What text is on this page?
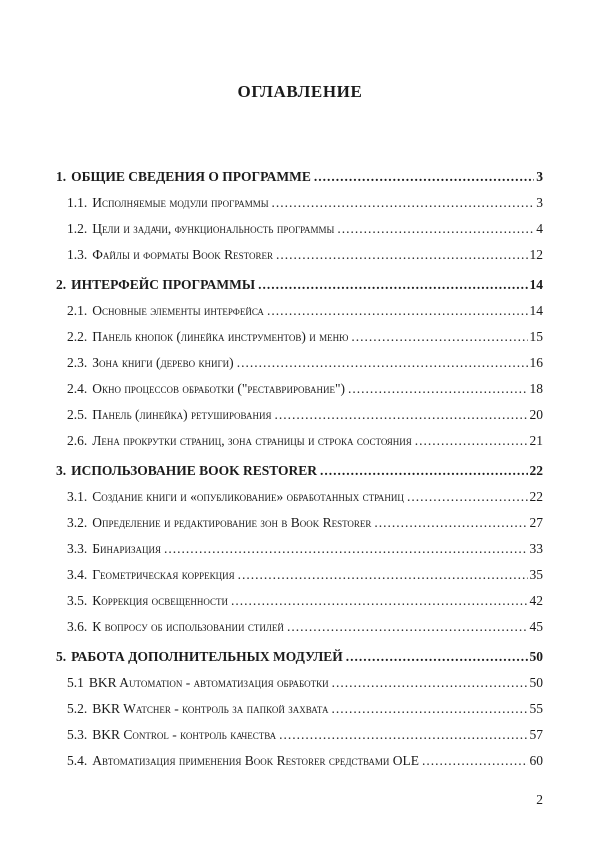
ОГЛАВЛЕНИЕ
1. ОБЩИЕ СВЕДЕНИЯ О ПРОГРАММЕ .....	3
1.1. Исполняемые модули программы .....	3
1.2. Цели и задачи, функциональность программы .....	4
1.3. Файлы и форматы Book Restorer .....	12
2. ИНТЕРФЕЙС ПРОГРАММЫ .....	14
2.1. Основные элементы интерфейса .....	14
2.2. Панель кнопок (линейка инструментов) и меню .....	15
2.3. Зона книги (дерево книги) .....	16
2.4. Окно процессов обработки ("реставрирование") .....	18
2.5. Панель (линейка) ретуширования .....	20
2.6. Лена прокрутки страниц, зона страницы и строка состояния .....	21
3. ИСПОЛЬЗОВАНИЕ BOOK RESTORER .....	22
3.1. Создание книги и «опубликование» обработанных страниц .....	22
3.2. Определение и редактирование зон в Book Restorer .....	27
3.3. Бинаризация .....	33
3.4. Геометрическая коррекция .....	35
3.5. Коррекция освещенности .....	42
3.6. К вопросу об использовании стилей .....	45
5. РАБОТА ДОПОЛНИТЕЛЬНЫХ МОДУЛЕЙ .....	50
5.1 BKR Automation - автоматизация обработки .....	50
5.2. BKR Watcher - контроль за папкой захвата .....	55
5.3. BKR Control - контроль качества .....	57
5.4. Автоматизация применения Book Restorer средствами OLE .....	60
2
